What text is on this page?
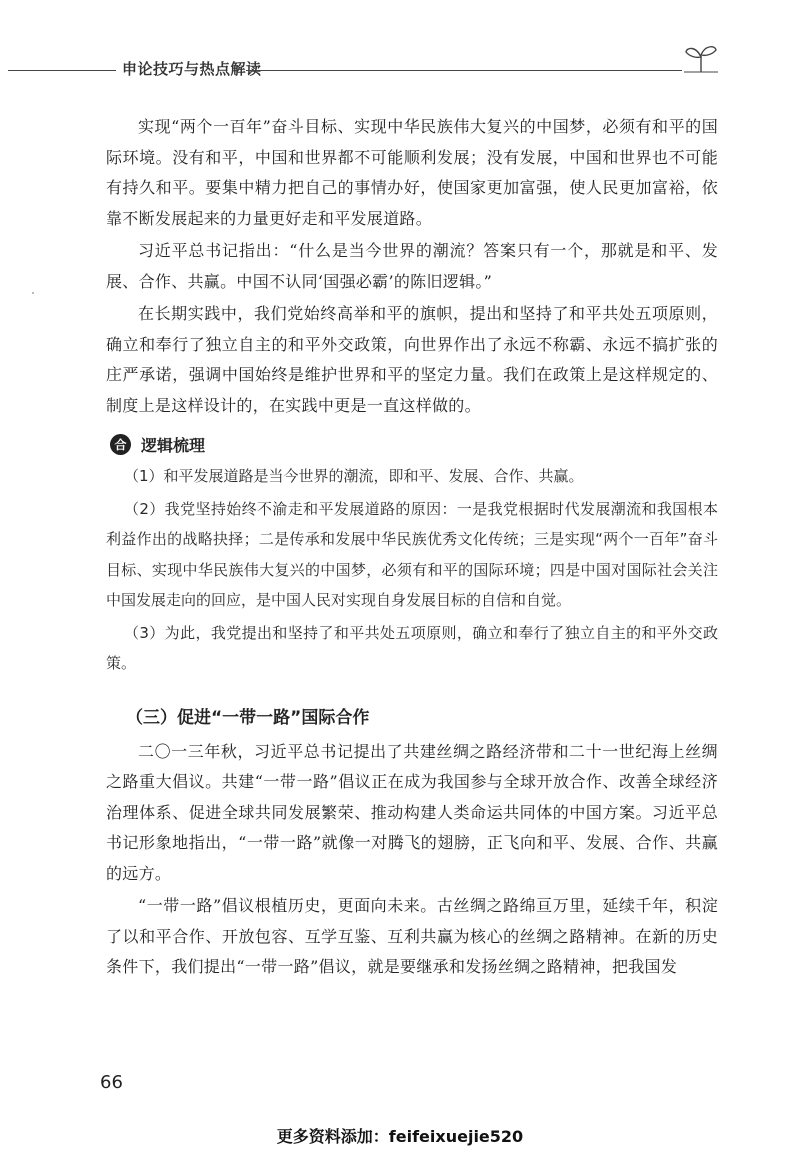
申论技巧与热点解读

实现“两个一百年”奋斗目标、实现中华民族伟大复兴的中国梦，必须有和平的国际环境。没有和平，中国和世界都不可能顺利发展；没有发展，中国和世界也不可能有持久和平。要集中精力把自己的事情办好，使国家更加富强，使人民更加富裕，依靠不断发展起来的力量更好走和平发展道路。

习近平总书记指出：“什么是当今世界的潮流？答案只有一个，那就是和平、发展、合作、共赢。中国不认同‘国强必霸’的陈旧逻辑。”

在长期实践中，我们党始终高举和平的旗帜，提出和坚持了和平共处五项原则，确立和奉行了独立自主的和平外交政策，向世界作出了永远不称霸、永远不搞扩张的庄严承诺，强调中国始终是维护世界和平的坚定力量。我们在政策上是这样规定的、制度上是这样设计的，在实践中更是一直这样做的。

合 逻辑梳理

（1）和平发展道路是当今世界的潮流，即和平、发展、合作、共赢。

（2）我党坚持始终不渝走和平发展道路的原因：一是我党根据时代发展潮流和我国根本利益作出的战略抉择；二是传承和发展中华民族优秀文化传统；三是实现“两个一百年”奋斗目标、实现中华民族伟大复兴的中国梦，必须有和平的国际环境；四是中国对国际社会关注中国发展走向的回应，是中国人民对实现自身发展目标的自信和自觉。

（3）为此，我党提出和坚持了和平共处五项原则，确立和奉行了独立自主的和平外交政策。

（三）促进“一带一路”国际合作

二〇一三年秋，习近平总书记提出了共建丝绸之路经济带和二十一世纪海上丝绸之路重大倡议。共建“一带一路”倡议正在成为我国参与全球开放合作、改善全球经济治理体系、促进全球共同发展繁荣、推动构建人类命运共同体的中国方案。习近平总书记形象地指出，“一带一路”就像一对腾飞的翅膀，正飞向和平、发展、合作、共赢的远方。

“一带一路”倡议根植历史，更面向未来。古丝绸之路绵亘万里，延续千年，积淀了以和平合作、开放包容、互学互鉴、互利共赢为核心的丝绸之路精神。在新的历史条件下，我们提出“一带一路”倡议，就是要继承和发扬丝绸之路精神，把我国发

66
更多资料添加：feifeixuejie520
